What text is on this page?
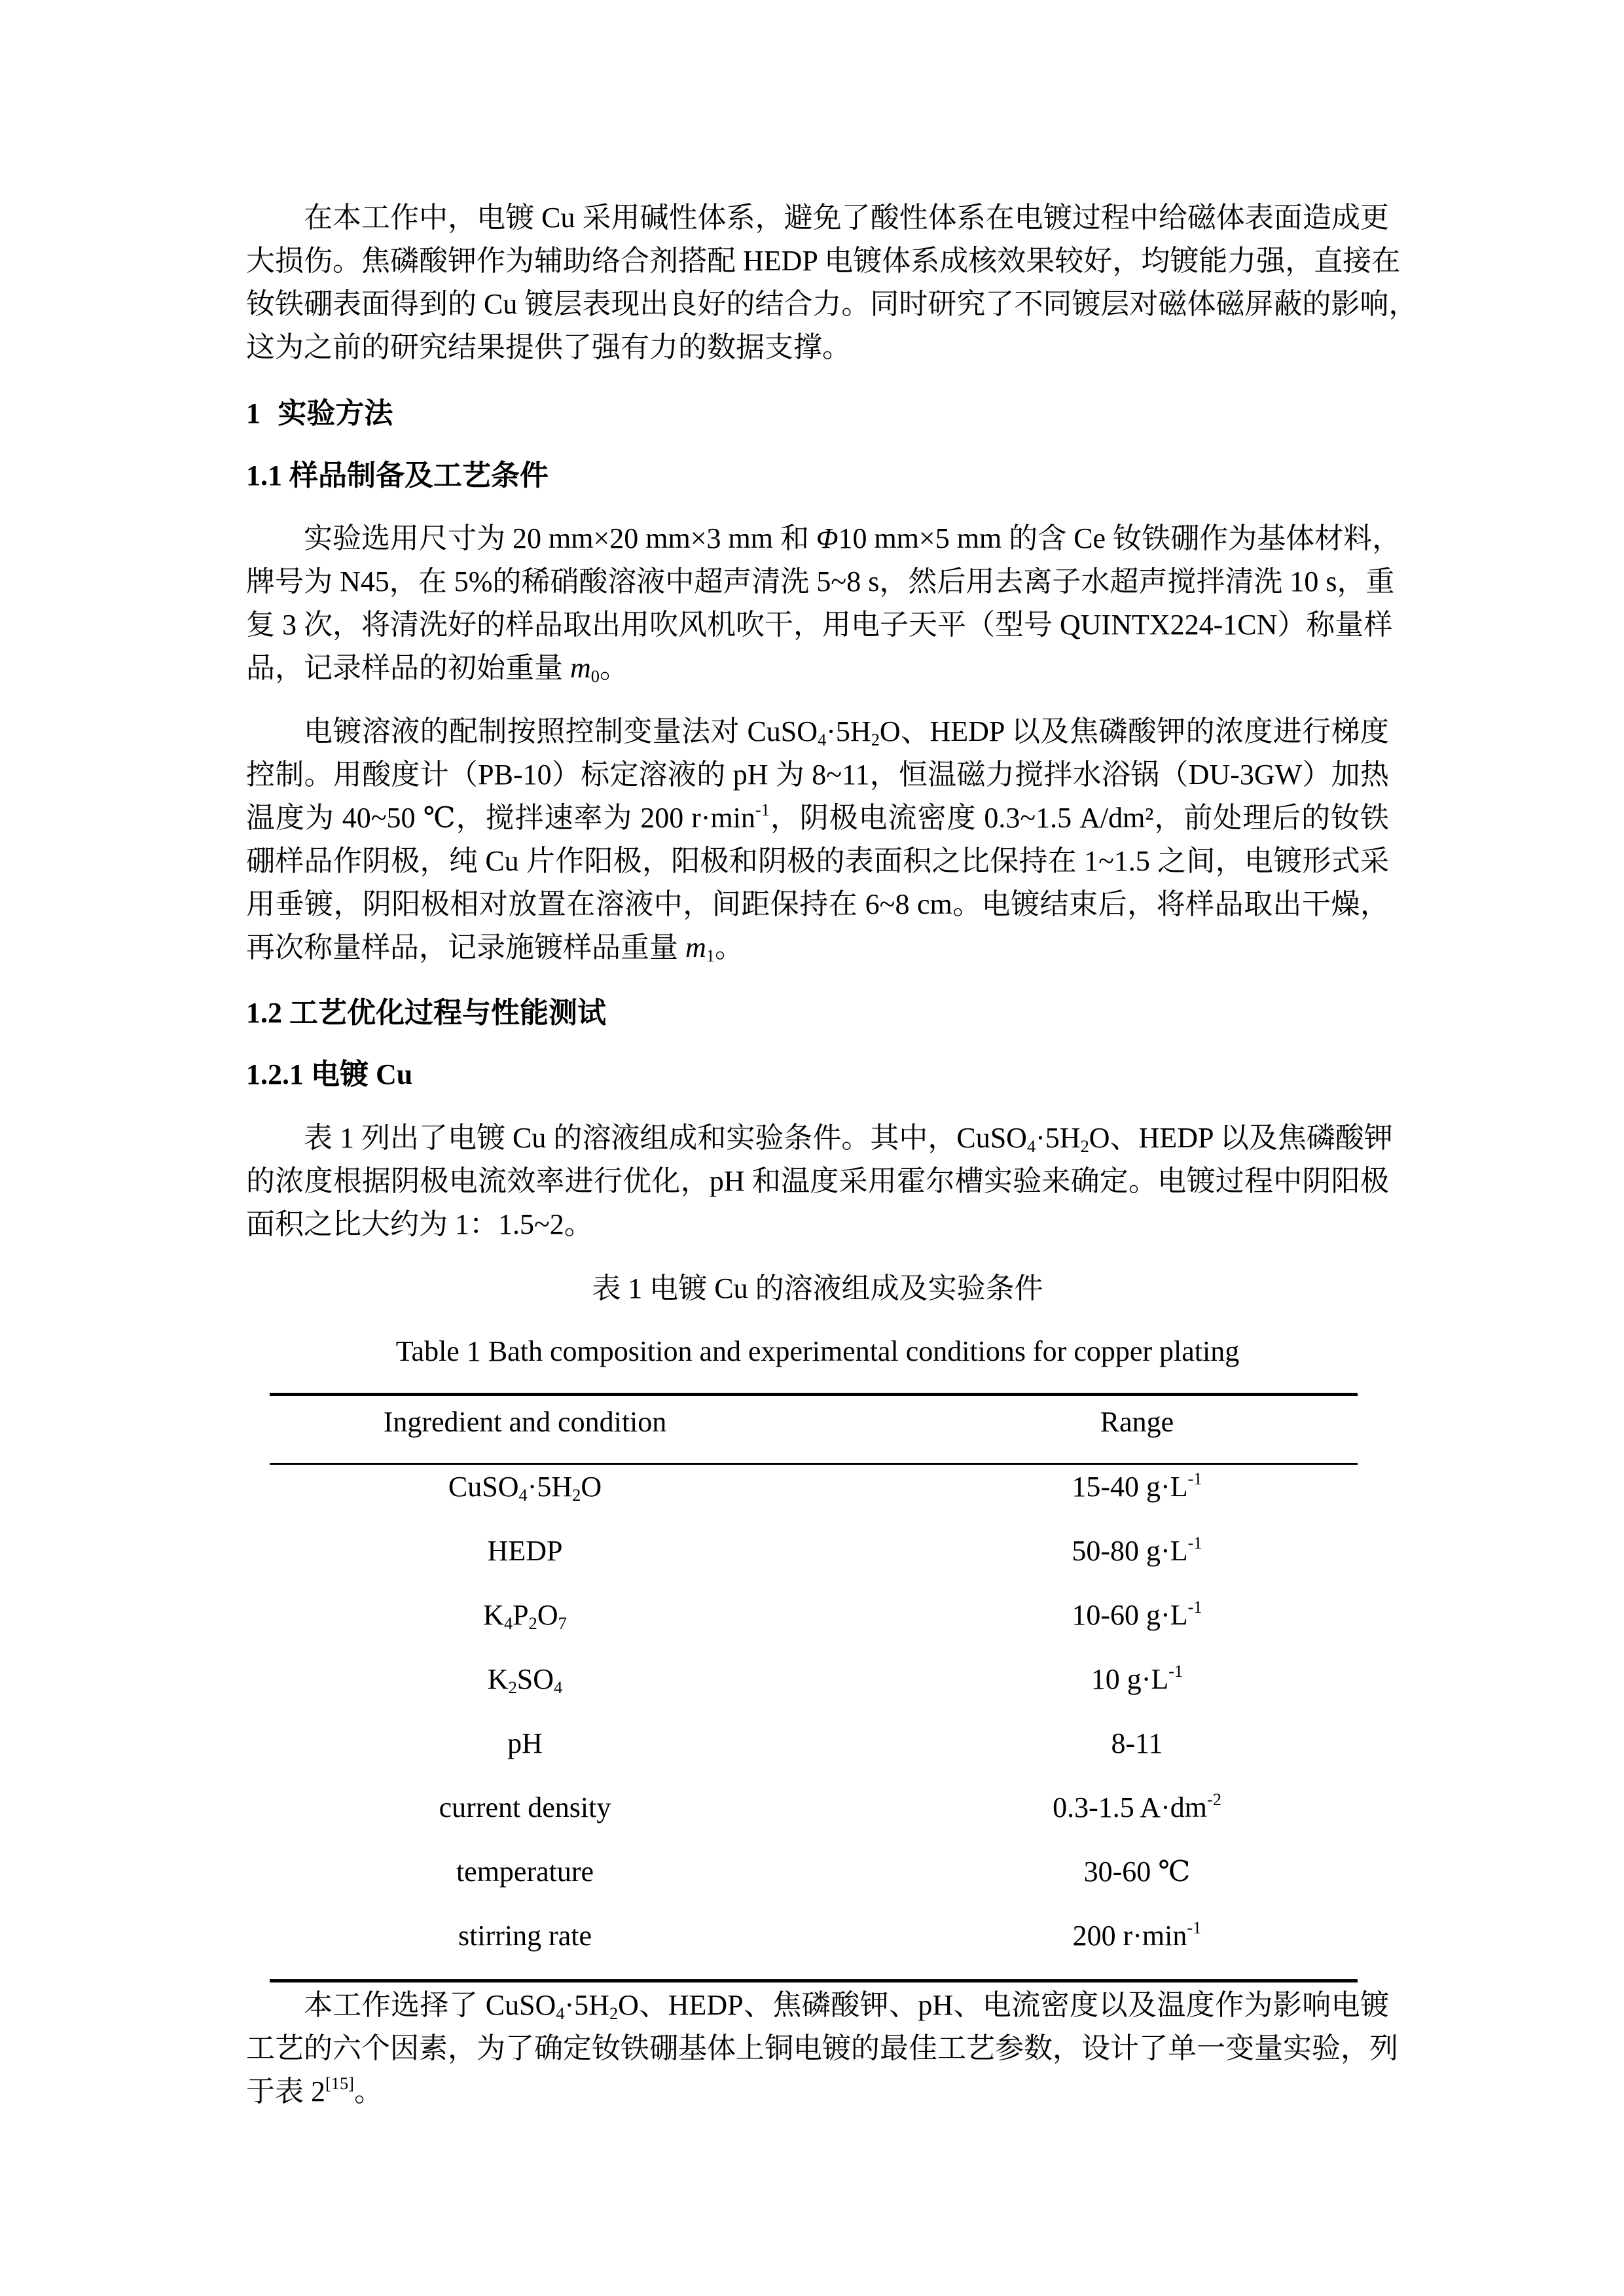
在本工作中，电镀 Cu 采用碱性体系，避免了酸性体系在电镀过程中给磁体表面造成更
大损伤。焦磷酸钾作为辅助络合剂搭配 HEDP 电镀体系成核效果较好，均镀能力强，直接在
钕铁硼表面得到的 Cu 镀层表现出良好的结合力。同时研究了不同镀层对磁体磁屏蔽的影响，
这为之前的研究结果提供了强有力的数据支撑。
1 实验方法
1.1 样品制备及工艺条件
实验选用尺寸为 20 mm×20 mm×3 mm 和 Φ10 mm×5 mm 的含 Ce 钕铁硼作为基体材料，
牌号为 N45，在 5%的稀硝酸溶液中超声清洗 5~8 s，然后用去离子水超声搅拌清洗 10 s，重
复 3 次，将清洗好的样品取出用吹风机吹干，用电子天平（型号 QUINTX224-1CN）称量样
品，记录样品的初始重量 m0。
电镀溶液的配制按照控制变量法对 CuSO4·5H2O、HEDP 以及焦磷酸钾的浓度进行梯度
控制。用酸度计（PB-10）标定溶液的 pH 为 8~11，恒温磁力搅拌水浴锅（DU-3GW）加热
温度为 40~50 ℃，搅拌速率为 200 $r\cdot\min^{-1}$，阴极电流密度 0.3~1.5 A/dm²，前处理后的钕铁
硼样品作阴极，纯 Cu 片作阳极，阳极和阴极的表面积之比保持在 1~1.5 之间，电镀形式采
用垂镀，阴阳极相对放置在溶液中，间距保持在 6~8 cm。电镀结束后，将样品取出干燥，
再次称量样品，记录施镀样品重量 m1。
1.2 工艺优化过程与性能测试
1.2.1 电镀 Cu
表 1 列出了电镀 Cu 的溶液组成和实验条件。其中，CuSO4·5H2O、HEDP 以及焦磷酸钾
的浓度根据阴极电流效率进行优化，pH 和温度采用霍尔槽实验来确定。电镀过程中阴阳极
面积之比大约为 1：1.5~2。
表 1 电镀 Cu 的溶液组成及实验条件
Table 1 Bath composition and experimental conditions for copper plating
Ingredient and condition	Range
CuSO4·5H2O	15-40 $g\cdot L^{-1}$
HEDP	50-80 $g\cdot L^{-1}$
K4P2O7	10-60 $g\cdot L^{-1}$
K2SO4	10 $g\cdot L^{-1}$
pH	8-11
current density	0.3-1.5 $A\cdot dm^{-2}$
temperature	30-60 ℃
stirring rate	200 $r\cdot\min^{-1}$
本工作选择了 CuSO4·5H2O、HEDP、焦磷酸钾、pH、电流密度以及温度作为影响电镀
工艺的六个因素，为了确定钕铁硼基体上铜电镀的最佳工艺参数，设计了单一变量实验，列
于表 2[15]。
